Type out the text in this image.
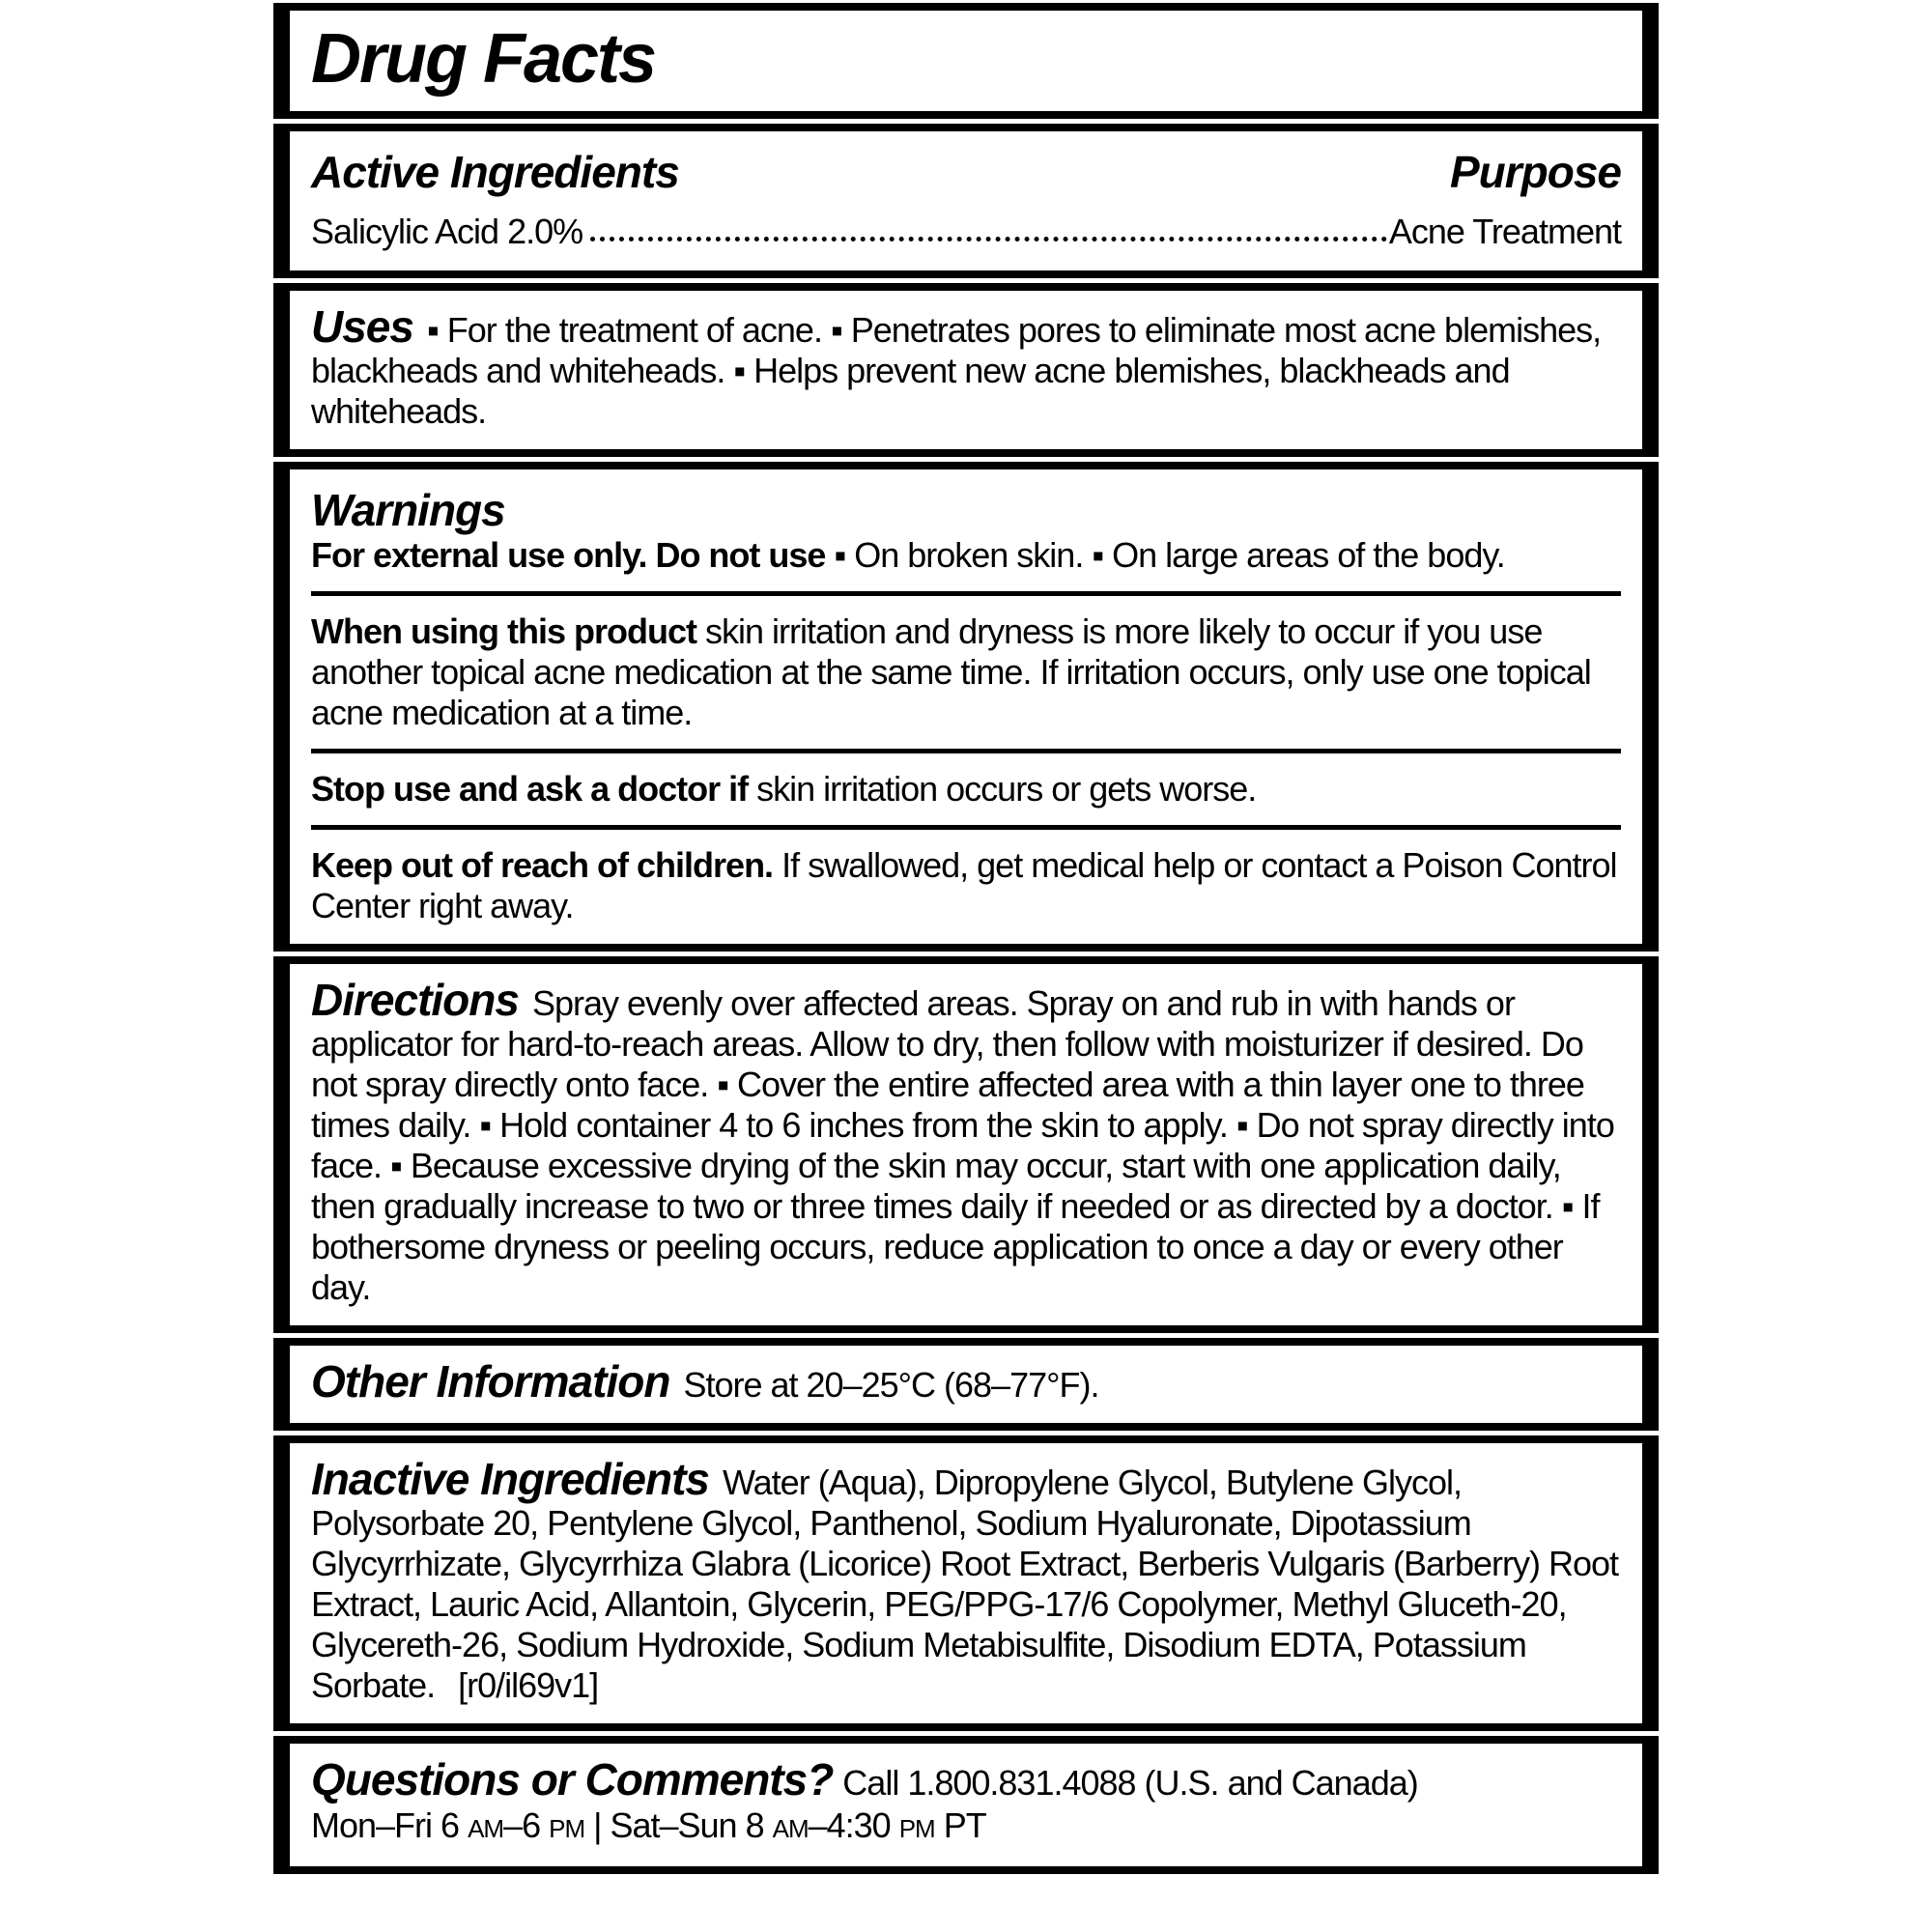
Drug Facts
Active Ingredients	Purpose
Salicylic Acid 2.0%	Acne Treatment

Uses ▪ For the treatment of acne. ▪ Penetrates pores to eliminate most acne blemishes, blackheads and whiteheads. ▪ Helps prevent new acne blemishes, blackheads and whiteheads.

Warnings

For external use only. Do not use ▪ On broken skin. ▪ On large areas of the body.

When using this product skin irritation and dryness is more likely to occur if you use another topical acne medication at the same time. If irritation occurs, only use one topical acne medication at a time.

Stop use and ask a doctor if skin irritation occurs or gets worse.

Keep out of reach of children. If swallowed, get medical help or contact a Poison Control Center right away.

Directions Spray evenly over affected areas. Spray on and rub in with hands or applicator for hard-to-reach areas. Allow to dry, then follow with moisturizer if desired. Do not spray directly onto face. ▪ Cover the entire affected area with a thin layer one to three times daily. ▪ Hold container 4 to 6 inches from the skin to apply. ▪ Do not spray directly into face. ▪ Because excessive drying of the skin may occur, start with one application daily, then gradually increase to two or three times daily if needed or as directed by a doctor. ▪ If bothersome dryness or peeling occurs, reduce application to once a day or every other day.

Other Information Store at 20–25°C (68–77°F).

Inactive Ingredients Water (Aqua), Dipropylene Glycol, Butylene Glycol, Polysorbate 20, Pentylene Glycol, Panthenol, Sodium Hyaluronate, Dipotassium Glycyrrhizate, Glycyrrhiza Glabra (Licorice) Root Extract, Berberis Vulgaris (Barberry) Root Extract, Lauric Acid, Allantoin, Glycerin, PEG/PPG-17/6 Copolymer, Methyl Gluceth-20, Glycereth-26, Sodium Hydroxide, Sodium Metabisulfite, Disodium EDTA, Potassium Sorbate. [r0/il69v1]

Questions or Comments? Call 1.800.831.4088 (U.S. and Canada)

Mon–Fri 6 AM–6 PM | Sat–Sun 8 AM–4:30 PM PT
